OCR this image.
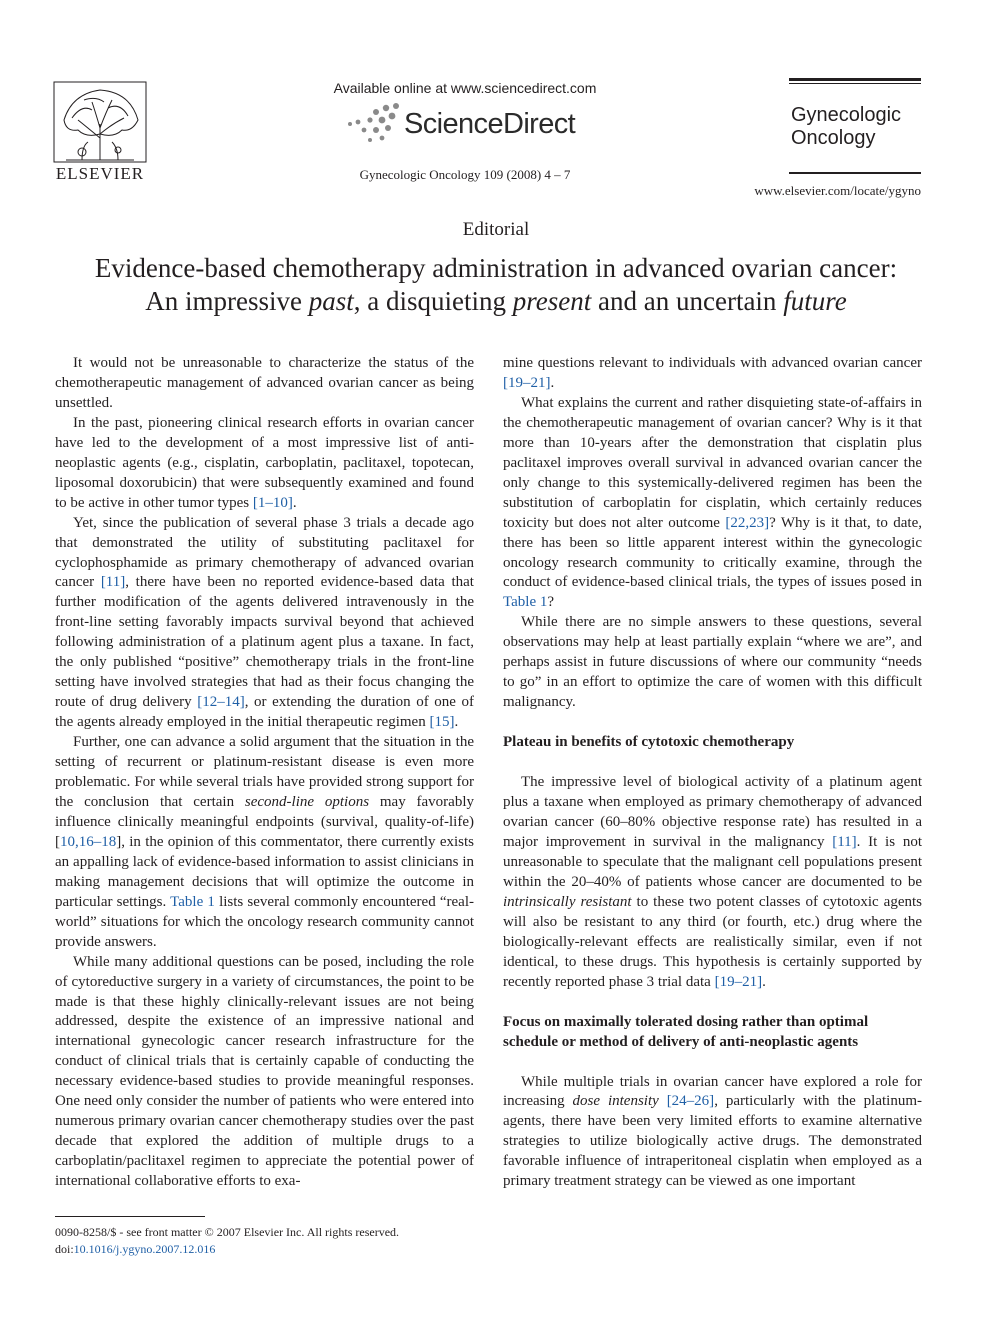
ELSEVIER
Available online at www.sciencedirect.com
ScienceDirect
Gynecologic Oncology 109 (2008) 4 – 7
Gynecologic
Oncology
www.elsevier.com/locate/ygyno
Editorial
Evidence-based chemotherapy administration in advanced ovarian cancer:
An impressive past, a disquieting present and an uncertain future

It would not be unreasonable to characterize the status of the chemotherapeutic management of advanced ovarian cancer as being unsettled.

In the past, pioneering clinical research efforts in ovarian cancer have led to the development of a most impressive list of anti-neoplastic agents (e.g., cisplatin, carboplatin, paclitaxel, topotecan, liposomal doxorubicin) that were subsequently examined and found to be active in other tumor types [1–10].

Yet, since the publication of several phase 3 trials a decade ago that demonstrated the utility of substituting paclitaxel for cyclophosphamide as primary chemotherapy of advanced ovarian cancer [11], there have been no reported evidence-based data that further modification of the agents delivered intravenously in the front-line setting favorably impacts survival beyond that achieved following administration of a platinum agent plus a taxane. In fact, the only published “positive” chemotherapy trials in the front-line setting have involved strategies that had as their focus changing the route of drug delivery [12–14], or extending the duration of one of the agents already employed in the initial therapeutic regimen [15].

Further, one can advance a solid argument that the situation in the setting of recurrent or platinum-resistant disease is even more problematic. For while several trials have provided strong support for the conclusion that certain second-line options may favorably influence clinically meaningful endpoints (survival, quality-of-life) [10,16–18], in the opinion of this commentator, there currently exists an appalling lack of evidence-based information to assist clinicians in making management decisions that will optimize the outcome in particular settings. Table 1 lists several commonly encountered “real-world” situations for which the oncology research community cannot provide answers.

While many additional questions can be posed, including the role of cytoreductive surgery in a variety of circumstances, the point to be made is that these highly clinically-relevant issues are not being addressed, despite the existence of an impressive national and international gynecologic cancer research infrastructure for the conduct of clinical trials that is certainly capable of conducting the necessary evidence-based studies to provide meaningful responses. One need only consider the number of patients who were entered into numerous primary ovarian cancer chemotherapy studies over the past decade that explored the addition of multiple drugs to a carboplatin/paclitaxel regimen to appreciate the potential power of international collaborative efforts to exa-

mine questions relevant to individuals with advanced ovarian cancer [19–21].

What explains the current and rather disquieting state-of-affairs in the chemotherapeutic management of ovarian cancer? Why is it that more than 10-years after the demonstration that cisplatin plus paclitaxel improves overall survival in advanced ovarian cancer the only change to this systemically-delivered regimen has been the substitution of carboplatin for cisplatin, which certainly reduces toxicity but does not alter outcome [22,23]? Why is it that, to date, there has been so little apparent interest within the gynecologic oncology research community to critically examine, through the conduct of evidence-based clinical trials, the types of issues posed in Table 1?

While there are no simple answers to these questions, several observations may help at least partially explain “where we are”, and perhaps assist in future discussions of where our community “needs to go” in an effort to optimize the care of women with this difficult malignancy.

Plateau in benefits of cytotoxic chemotherapy

The impressive level of biological activity of a platinum agent plus a taxane when employed as primary chemotherapy of advanced ovarian cancer (60–80% objective response rate) has resulted in a major improvement in survival in the malignancy [11]. It is not unreasonable to speculate that the malignant cell populations present within the 20–40% of patients whose cancer are documented to be intrinsically resistant to these two potent classes of cytotoxic agents will also be resistant to any third (or fourth, etc.) drug where the biologically-relevant effects are realistically similar, even if not identical, to these drugs. This hypothesis is certainly supported by recently reported phase 3 trial data [19–21].

Focus on maximally tolerated dosing rather than optimal schedule or method of delivery of anti-neoplastic agents

While multiple trials in ovarian cancer have explored a role for increasing dose intensity [24–26], particularly with the platinum-agents, there have been very limited efforts to examine alternative strategies to utilize biologically active drugs. The demonstrated favorable influence of intraperitoneal cisplatin when employed as a primary treatment strategy can be viewed as one important

0090-8258/$ - see front matter © 2007 Elsevier Inc. All rights reserved.
doi:10.1016/j.ygyno.2007.12.016
